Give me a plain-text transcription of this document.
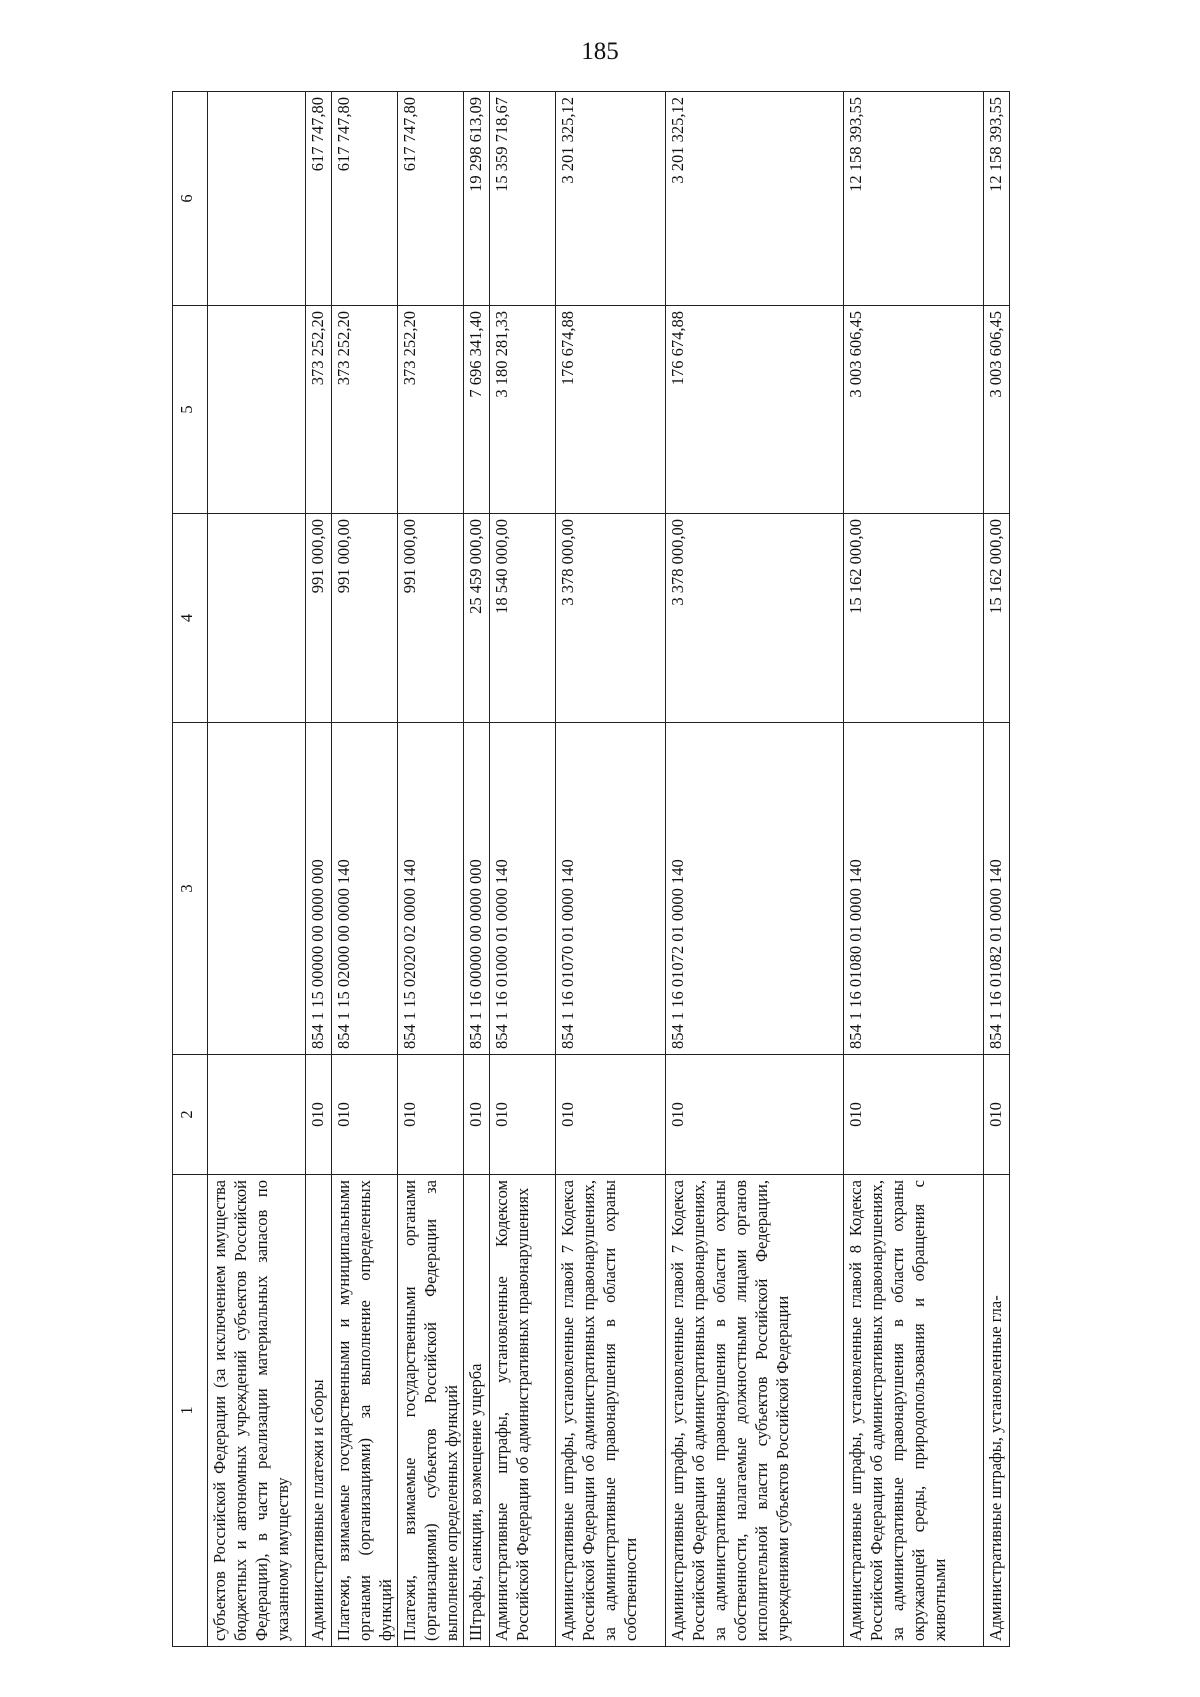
185
1	2	3	4	5	6
субъектов Российской Федерации (за исключением имущества бюджетных и автономных учреждений субъектов Российской Федерации), в части реализации материальных запасов по указанному имуществу					
Административные платежи и сборы	010	854 1 15 00000 00 0000 000	991 000,00	373 252,20	617 747,80
Платежи, взимаемые государственными и муниципальными органами (организациями) за выполнение определенных функций	010	854 1 15 02000 00 0000 140	991 000,00	373 252,20	617 747,80
Платежи, взимаемые государственными органами (организациями) субъектов Российской Федерации за выполнение определенных функций	010	854 1 15 02020 02 0000 140	991 000,00	373 252,20	617 747,80
Штрафы, санкции, возмещение ущерба	010	854 1 16 00000 00 0000 000	25 459 000,00	7 696 341,40	19 298 613,09
Административные штрафы, установленные Кодексом Российской Федерации об административных правонарушениях	010	854 1 16 01000 01 0000 140	18 540 000,00	3 180 281,33	15 359 718,67
Административные штрафы, установленные главой 7 Кодекса Российской Федерации об административных правонарушениях, за административные правонарушения в области охраны собственности	010	854 1 16 01070 01 0000 140	3 378 000,00	176 674,88	3 201 325,12
Административные штрафы, установленные главой 7 Кодекса Российской Федерации об административных правонарушениях, за административные правонарушения в области охраны собственности, налагаемые должностными лицами органов исполнительной власти субъектов Российской Федерации, учреждениями субъектов Российской Федерации	010	854 1 16 01072 01 0000 140	3 378 000,00	176 674,88	3 201 325,12
Административные штрафы, установленные главой 8 Кодекса Российской Федерации об административных правонарушениях, за административные правонарушения в области охраны окружающей среды, природопользования и обращения с животными	010	854 1 16 01080 01 0000 140	15 162 000,00	3 003 606,45	12 158 393,55
Административные штрафы, установленные гла-	010	854 1 16 01082 01 0000 140	15 162 000,00	3 003 606,45	12 158 393,55
